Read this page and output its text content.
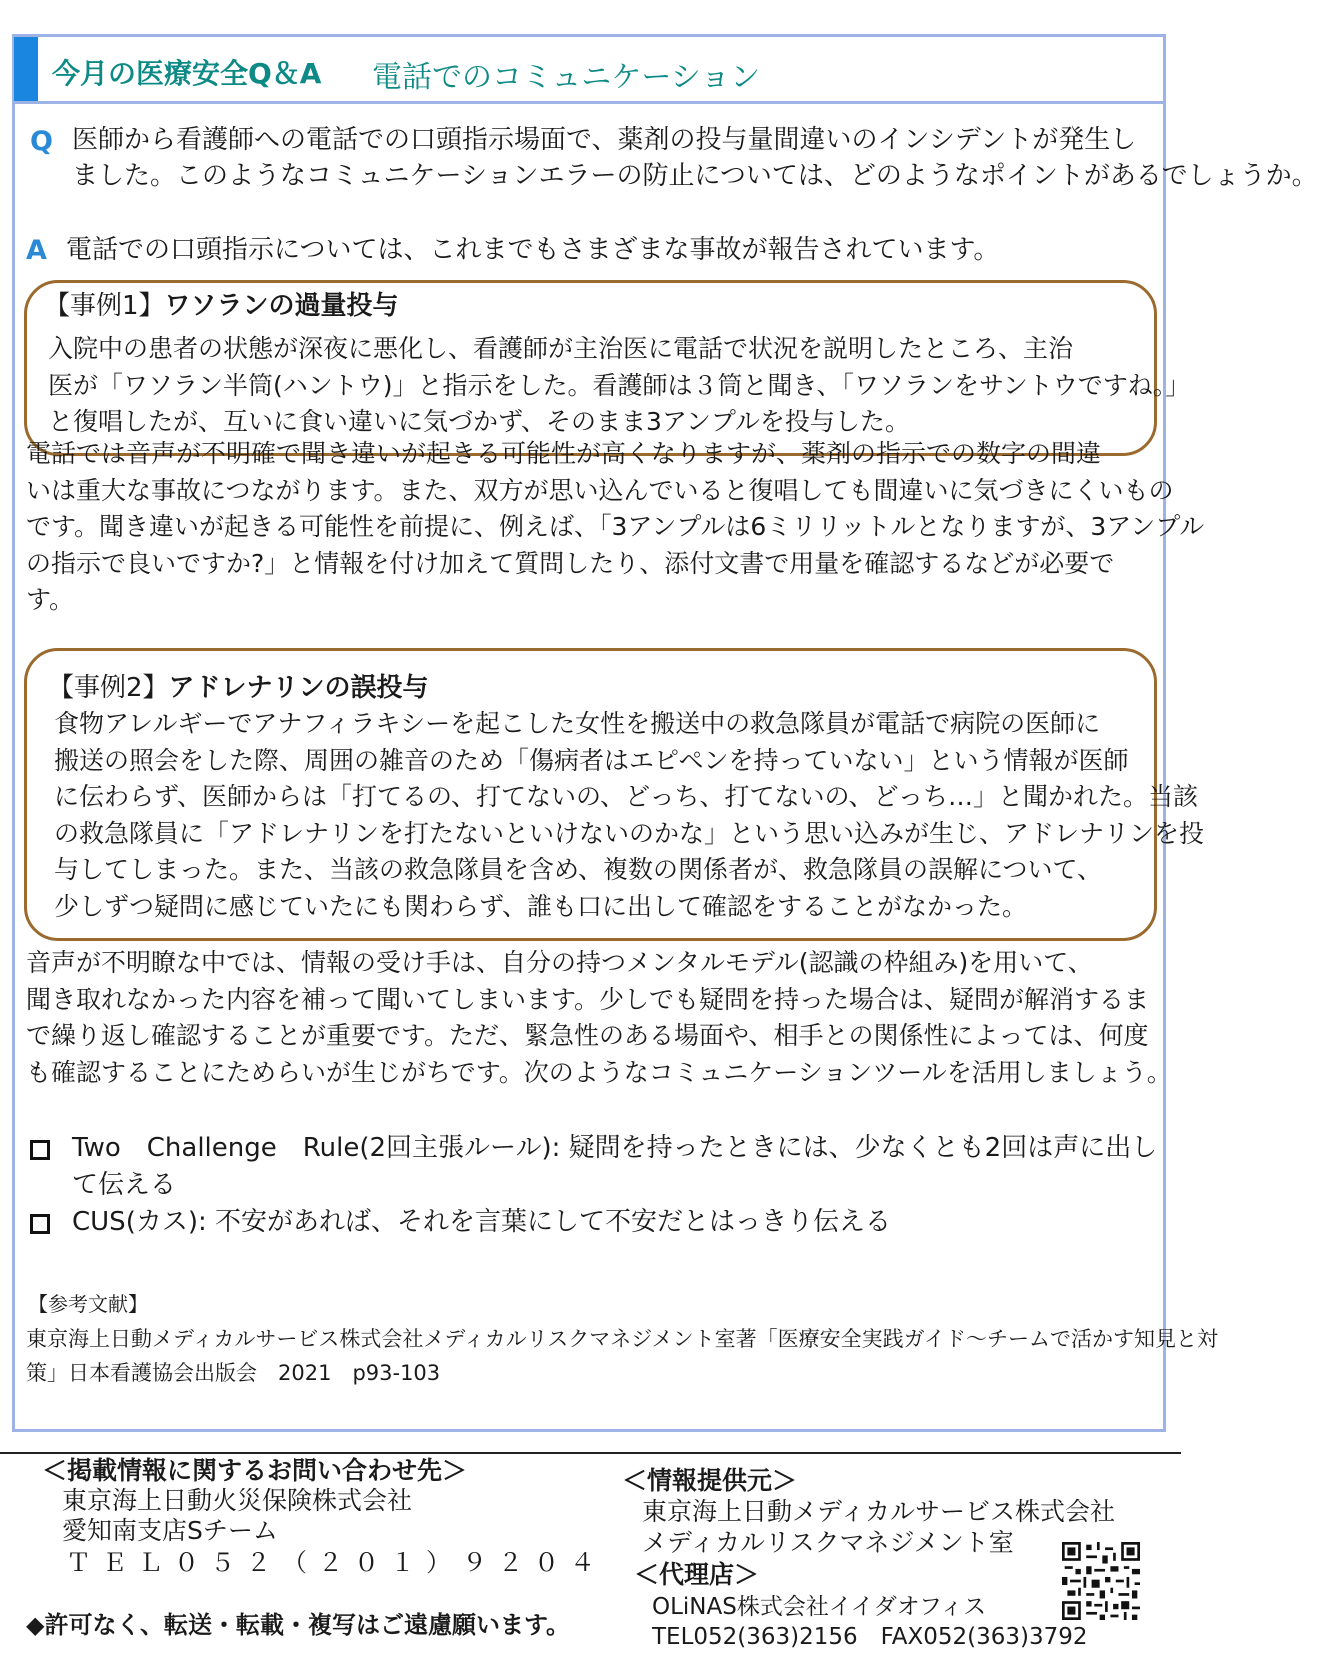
今月の医療安全Q＆A 電話でのコミュニケーション
Q 医師から看護師への電話での口頭指示場面で、薬剤の投与量間違いのインシデントが発生し
ました。このようなコミュニケーションエラーの防止については、どのようなポイントがあるでしょうか。
A 電話での口頭指示については、これまでもさまざまな事故が報告されています。
【事例1】ワソランの過量投与
入院中の患者の状態が深夜に悪化し、看護師が主治医に電話で状況を説明したところ、主治
医が「ワソラン半筒(ハントウ)」と指示をした。看護師は３筒と聞き、「ワソランをサントウですね。」
と復唱したが、互いに食い違いに気づかず、そのまま3アンプルを投与した。
電話では音声が不明確で聞き違いが起きる可能性が高くなりますが、薬剤の指示での数字の間違
いは重大な事故につながります。また、双方が思い込んでいると復唱しても間違いに気づきにくいもの
です。聞き違いが起きる可能性を前提に、例えば、「3アンプルは6ミリリットルとなりますが、3アンプル
の指示で良いですか?」と情報を付け加えて質問したり、添付文書で用量を確認するなどが必要で
す。
【事例2】アドレナリンの誤投与
食物アレルギーでアナフィラキシーを起こした女性を搬送中の救急隊員が電話で病院の医師に
搬送の照会をした際、周囲の雑音のため「傷病者はエピペンを持っていない」という情報が医師
に伝わらず、医師からは「打てるの、打てないの、どっち、打てないの、どっち…」と聞かれた。当該
の救急隊員に「アドレナリンを打たないといけないのかな」という思い込みが生じ、アドレナリンを投
与してしまった。また、当該の救急隊員を含め、複数の関係者が、救急隊員の誤解について、
少しずつ疑問に感じていたにも関わらず、誰も口に出して確認をすることがなかった。
音声が不明瞭な中では、情報の受け手は、自分の持つメンタルモデル(認識の枠組み)を用いて、
聞き取れなかった内容を補って聞いてしまいます。少しでも疑問を持った場合は、疑問が解消するま
で繰り返し確認することが重要です。ただ、緊急性のある場面や、相手との関係性によっては、何度
も確認することにためらいが生じがちです。次のようなコミュニケーションツールを活用しましょう。
Two　Challenge　Rule(2回主張ルール): 疑問を持ったときには、少なくとも2回は声に出し
て伝える
CUS(カス): 不安があれば、それを言葉にして不安だとはっきり伝える
【参考文献】
東京海上日動メディカルサービス株式会社メディカルリスクマネジメント室著「医療安全実践ガイド～チームで活かす知見と対
策」日本看護協会出版会　2021　p93-103
＜掲載情報に関するお問い合わせ先＞
東京海上日動火災保険株式会社
愛知南支店Sチーム
ＴＥＬ０５２（２０１）９２０４
◆許可なく、転送・転載・複写はご遠慮願います。
＜情報提供元＞
東京海上日動メディカルサービス株式会社
メディカルリスクマネジメント室
＜代理店＞
OLiNAS株式会社イイダオフィス
TEL052(363)2156　FAX052(363)3792
